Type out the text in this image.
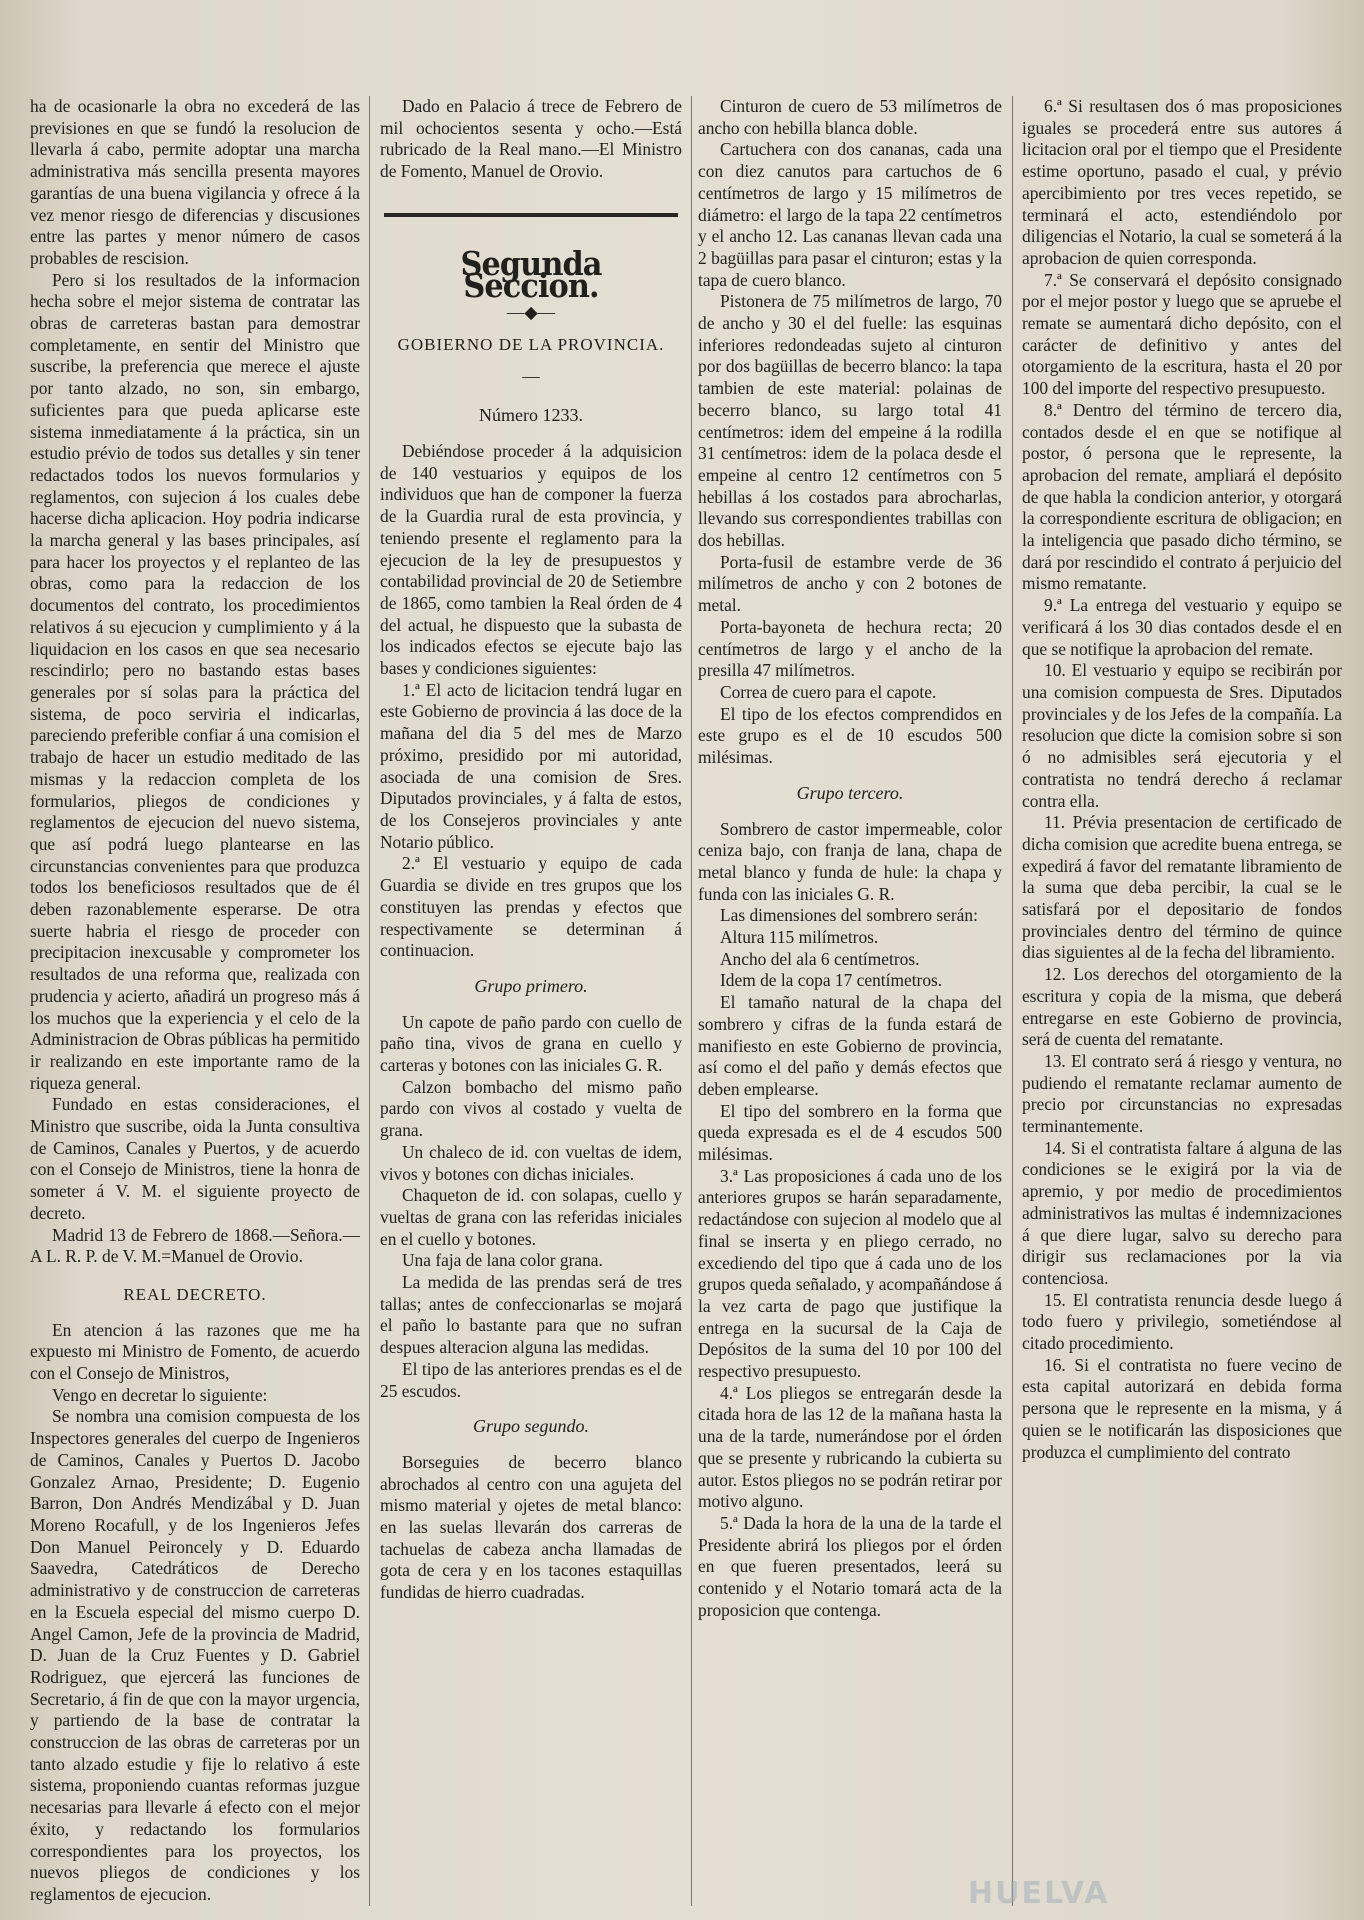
ha de ocasionarle la obra no excederá de las previsiones en que se fundó la resolucion de llevarla á cabo, permite adoptar una marcha administrativa más sencilla presenta mayores garantías de una buena vigilancia y ofrece á la vez menor riesgo de diferencias y discusiones entre las partes y menor número de casos probables de rescision.

Pero si los resultados de la informacion hecha sobre el mejor sistema de contratar las obras de carreteras bastan para demostrar completamente, en sentir del Ministro que suscribe, la preferencia que merece el ajuste por tanto alzado, no son, sin embargo, suficientes para que pueda aplicarse este sistema inmediatamente á la práctica, sin un estudio prévio de todos sus detalles y sin tener redactados todos los nuevos formularios y reglamentos, con sujecion á los cuales debe hacerse dicha aplicacion. Hoy podria indicarse la marcha general y las bases principales, así para hacer los proyectos y el replanteo de las obras, como para la redaccion de los documentos del contrato, los procedimientos relativos á su ejecucion y cumplimiento y á la liquidacion en los casos en que sea necesario rescindirlo; pero no bastando estas bases generales por sí solas para la práctica del sistema, de poco serviria el indicarlas, pareciendo preferible confiar á una comision el trabajo de hacer un estudio meditado de las mismas y la redaccion completa de los formularios, pliegos de condiciones y reglamentos de ejecucion del nuevo sistema, que así podrá luego plantearse en las circunstancias convenientes para que produzca todos los beneficiosos resultados que de él deben razonablemente esperarse. De otra suerte habria el riesgo de proceder con precipitacion inexcusable y comprometer los resultados de una reforma que, realizada con prudencia y acierto, añadirá un progreso más á los muchos que la experiencia y el celo de la Administracion de Obras públicas ha permitido ir realizando en este importante ramo de la riqueza general.

Fundado en estas consideraciones, el Ministro que suscribe, oida la Junta consultiva de Caminos, Canales y Puertos, y de acuerdo con el Consejo de Ministros, tiene la honra de someter á V. M. el siguiente proyecto de decreto.

Madrid 13 de Febrero de 1868.—Señora.—A L. R. P. de V. M.=Manuel de Orovio.

REAL DECRETO.

En atencion á las razones que me ha expuesto mi Ministro de Fomento, de acuerdo con el Consejo de Ministros,

Vengo en decretar lo siguiente:

Se nombra una comision compuesta de los Inspectores generales del cuerpo de Ingenieros de Caminos, Canales y Puertos D. Jacobo Gonzalez Arnao, Presidente; D. Eugenio Barron, Don Andrés Mendizábal y D. Juan Moreno Rocafull, y de los Ingenieros Jefes Don Manuel Peironcely y D. Eduardo Saavedra, Catedráticos de Derecho administrativo y de construccion de carreteras en la Escuela especial del mismo cuerpo D. Angel Camon, Jefe de la provincia de Madrid, D. Juan de la Cruz Fuentes y D. Gabriel Rodriguez, que ejercerá las funciones de Secretario, á fin de que con la mayor urgencia, y partiendo de la base de contratar la construccion de las obras de carreteras por un tanto alzado estudie y fije lo relativo á este sistema, proponiendo cuantas reformas juzgue necesarias para llevarle á efecto con el mejor éxito, y redactando los formularios correspondientes para los proyectos, los nuevos pliegos de condiciones y los reglamentos de ejecucion.

Dado en Palacio á trece de Febrero de mil ochocientos sesenta y ocho.—Está rubricado de la Real mano.—El Ministro de Fomento, Manuel de Orovio.

Segunda Seccion.

—◆—

GOBIERNO DE LA PROVINCIA.

—

Número 1233.

Debiéndose proceder á la adquisicion de 140 vestuarios y equipos de los individuos que han de componer la fuerza de la Guardia rural de esta provincia, y teniendo presente el reglamento para la ejecucion de la ley de presupuestos y contabilidad provincial de 20 de Setiembre de 1865, como tambien la Real órden de 4 del actual, he dispuesto que la subasta de los indicados efectos se ejecute bajo las bases y condiciones siguientes:

1.ª El acto de licitacion tendrá lugar en este Gobierno de provincia á las doce de la mañana del dia 5 del mes de Marzo próximo, presidido por mi autoridad, asociada de una comision de Sres. Diputados provinciales, y á falta de estos, de los Consejeros provinciales y ante Notario público.

2.ª El vestuario y equipo de cada Guardia se divide en tres grupos que los constituyen las prendas y efectos que respectivamente se determinan á continuacion.

Grupo primero.

Un capote de paño pardo con cuello de paño tina, vivos de grana en cuello y carteras y botones con las iniciales G. R.

Calzon bombacho del mismo paño pardo con vivos al costado y vuelta de grana.

Un chaleco de id. con vueltas de idem, vivos y botones con dichas iniciales.

Chaqueton de id. con solapas, cuello y vueltas de grana con las referidas iniciales en el cuello y botones.

Una faja de lana color grana.

La medida de las prendas será de tres tallas; antes de confeccionarlas se mojará el paño lo bastante para que no sufran despues alteracion alguna las medidas.

El tipo de las anteriores prendas es el de 25 escudos.

Grupo segundo.

Borseguies de becerro blanco abrochados al centro con una agujeta del mismo material y ojetes de metal blanco: en las suelas llevarán dos carreras de tachuelas de cabeza ancha llamadas de gota de cera y en los tacones estaquillas fundidas de hierro cuadradas.

Cinturon de cuero de 53 milímetros de ancho con hebilla blanca doble.

Cartuchera con dos cananas, cada una con diez canutos para cartuchos de 6 centímetros de largo y 15 milímetros de diámetro: el largo de la tapa 22 centímetros y el ancho 12. Las cananas llevan cada una 2 bagüillas para pasar el cinturon; estas y la tapa de cuero blanco.

Pistonera de 75 milímetros de largo, 70 de ancho y 30 el del fuelle: las esquinas inferiores redondeadas sujeto al cinturon por dos bagüillas de becerro blanco: la tapa tambien de este material: polainas de becerro blanco, su largo total 41 centímetros: idem del empeine á la rodilla 31 centímetros: idem de la polaca desde el empeine al centro 12 centímetros con 5 hebillas á los costados para abrocharlas, llevando sus correspondientes trabillas con dos hebillas.

Porta-fusil de estambre verde de 36 milímetros de ancho y con 2 botones de metal.

Porta-bayoneta de hechura recta; 20 centímetros de largo y el ancho de la presilla 47 milímetros.

Correa de cuero para el capote.

El tipo de los efectos comprendidos en este grupo es el de 10 escudos 500 milésimas.

Grupo tercero.

Sombrero de castor impermeable, color ceniza bajo, con franja de lana, chapa de metal blanco y funda de hule: la chapa y funda con las iniciales G. R.

Las dimensiones del sombrero serán:

Altura 115 milímetros.

Ancho del ala 6 centímetros.

Idem de la copa 17 centímetros.

El tamaño natural de la chapa del sombrero y cifras de la funda estará de manifiesto en este Gobierno de provincia, así como el del paño y demás efectos que deben emplearse.

El tipo del sombrero en la forma que queda expresada es el de 4 escudos 500 milésimas.

3.ª Las proposiciones á cada uno de los anteriores grupos se harán separadamente, redactándose con sujecion al modelo que al final se inserta y en pliego cerrado, no excediendo del tipo que á cada uno de los grupos queda señalado, y acompañándose á la vez carta de pago que justifique la entrega en la sucursal de la Caja de Depósitos de la suma del 10 por 100 del respectivo presupuesto.

4.ª Los pliegos se entregarán desde la citada hora de las 12 de la mañana hasta la una de la tarde, numerándose por el órden que se presente y rubricando la cubierta su autor. Estos pliegos no se podrán retirar por motivo alguno.

5.ª Dada la hora de la una de la tarde el Presidente abrirá los pliegos por el órden en que fueren presentados, leerá su contenido y el Notario tomará acta de la proposicion que contenga.

6.ª Si resultasen dos ó mas proposiciones iguales se procederá entre sus autores á licitacion oral por el tiempo que el Presidente estime oportuno, pasado el cual, y prévio apercibimiento por tres veces repetido, se terminará el acto, estendiéndolo por diligencias el Notario, la cual se someterá á la aprobacion de quien corresponda.

7.ª Se conservará el depósito consignado por el mejor postor y luego que se apruebe el remate se aumentará dicho depósito, con el carácter de definitivo y antes del otorgamiento de la escritura, hasta el 20 por 100 del importe del respectivo presupuesto.

8.ª Dentro del término de tercero dia, contados desde el en que se notifique al postor, ó persona que le represente, la aprobacion del remate, ampliará el depósito de que habla la condicion anterior, y otorgará la correspondiente escritura de obligacion; en la inteligencia que pasado dicho término, se dará por rescindido el contrato á perjuicio del mismo rematante.

9.ª La entrega del vestuario y equipo se verificará á los 30 dias contados desde el en que se notifique la aprobacion del remate.

10. El vestuario y equipo se recibirán por una comision compuesta de Sres. Diputados provinciales y de los Jefes de la compañía. La resolucion que dicte la comision sobre si son ó no admisibles será ejecutoria y el contratista no tendrá derecho á reclamar contra ella.

11. Prévia presentacion de certificado de dicha comision que acredite buena entrega, se expedirá á favor del rematante libramiento de la suma que deba percibir, la cual se le satisfará por el depositario de fondos provinciales dentro del término de quince dias siguientes al de la fecha del libramiento.

12. Los derechos del otorgamiento de la escritura y copia de la misma, que deberá entregarse en este Gobierno de provincia, será de cuenta del rematante.

13. El contrato será á riesgo y ventura, no pudiendo el rematante reclamar aumento de precio por circunstancias no expresadas terminantemente.

14. Si el contratista faltare á alguna de las condiciones se le exigirá por la via de apremio, y por medio de procedimientos administrativos las multas é indemnizaciones á que diere lugar, salvo su derecho para dirigir sus reclamaciones por la via contenciosa.

15. El contratista renuncia desde luego á todo fuero y privilegio, sometiéndose al citado procedimiento.

16. Si el contratista no fuere vecino de esta capital autorizará en debida forma persona que le represente en la misma, y á quien se le notificarán las disposiciones que produzca el cumplimiento del contrato

HUELVA
